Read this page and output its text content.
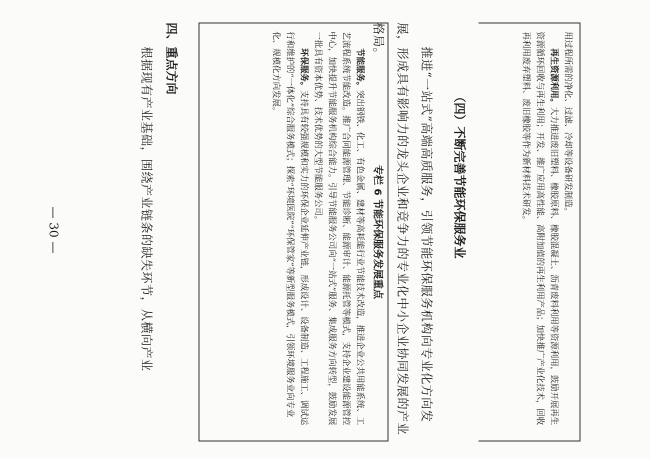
用过程所需的净化、过滤、冷却等设备研发制造。

再生资源利用。大力推进废旧塑料、橡胶原料、橡胶混凝土、沥青废料利用等资源利用，鼓励开展再生资源循环回收与再生利用；开发、推广应用高性能、高附加值的再生利用产品；加快推广产业化技术，回收再利用废弃塑料、废旧橡胶等作为新材料技术研发。

（四）不断完善节能环保服务业
推进“一站式”高端高质服务，引领节能环保服务机构向专业化方向发展，形成具有影响力的龙头企业和竞争力的专业化中小企业协同发展的产业格局。
专栏 6 节能环保服务发展重点

节能服务。突出钢铁、化工、有色金属、建材等高耗能行业节能技术改造，推进企业公共用能系统、工艺流程系统节能改造。推广合同能源管理、节能诊断、能源审计、能源托管等模式，支持企业建设能源管控中心，加快提升节能服务机构综合能力。引导节能服务公司向“一站式”服务、集成服务方向转型，鼓励发展一批具有资本优势、技术优势的大型节能服务公司。

环保服务。支持具有较强规模和实力的环保企业延伸产业链，形成设计、设备制造、工程施工、调试运行和维护的“一体化”综合服务模式；探索“环境医院”“环保管家”等新型服务模式，引领环境服务业向专业化、规模化方向发展。

四、重点方向
根据现有产业基础，围绕产业链条的缺失环节，从横向产业
— 30 —
